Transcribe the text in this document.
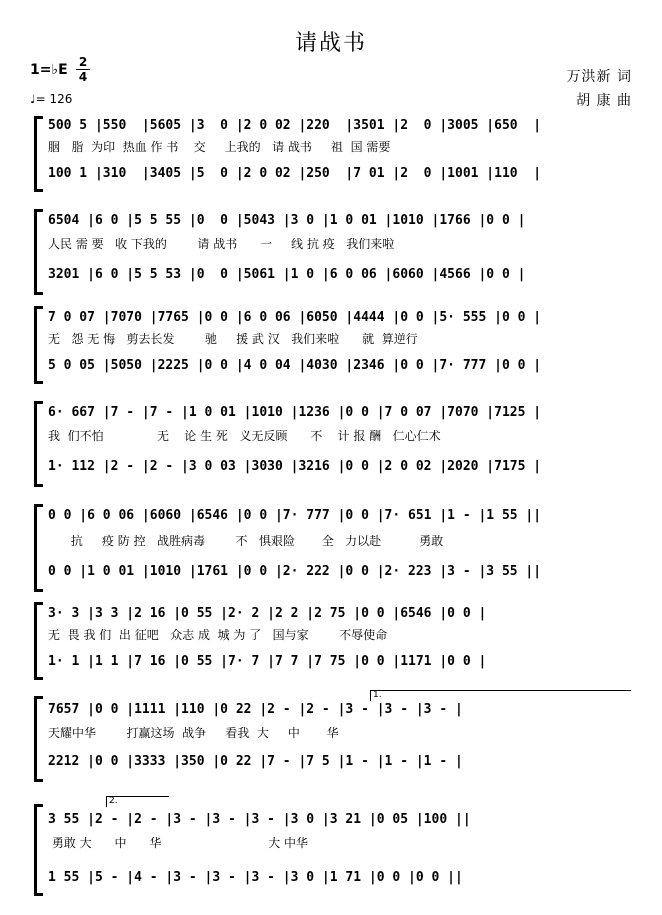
请战书
1=♭E 2
4
♩= 126
万洪新 词
胡 康 曲
500 5 |550  |5605 |3  0 |2 0 02 |220  |3501 |2  0 |3005 |650  |
胭   脂  为印  热血 作 书    交     上我的   请 战书     祖  国 需要
100 1 |310  |3405 |5  0 |2 0 02 |250  |7 01 |2  0 |1001 |110  |
6504 |6 0 |5 5 55 |0  0 |5043 |3 0 |1 0 01 |1010 |1766 |0 0 |
人民 需 要   收 下我的        请 战书      一     线 抗 疫   我们来啦
3201 |6 0 |5 5 53 |0  0 |5061 |1 0 |6 0 06 |6060 |4566 |0 0 |
7 0 07 |7070 |7765 |0 0 |6 0 06 |6050 |4444 |0 0 |5· 555 |0 0 |
无   怨 无 悔   剪去长发        驰     援 武 汉   我们来啦      就  算逆行
5 0 05 |5050 |2225 |0 0 |4 0 04 |4030 |2346 |0 0 |7· 777 |0 0 |
6· 667 |7 - |7 - |1 0 01 |1010 |1236 |0 0 |7 0 07 |7070 |7125 |
我  们不怕              无    论 生 死   义无反顾      不    计 报 酬   仁心仁术
1· 112 |2 - |2 - |3 0 03 |3030 |3216 |0 0 |2 0 02 |2020 |7175 |
0 0 |6 0 06 |6060 |6546 |0 0 |7· 777 |0 0 |7· 651 |1 - |1 55 ||
抗     疫 防 控   战胜病毒        不   惧艰险       全   力以赴          勇敢
0 0 |1 0 01 |1010 |1761 |0 0 |2· 222 |0 0 |2· 223 |3 - |3 55 ||
3· 3 |3 3 |2 16 |0 55 |2· 2 |2 2 |2 75 |0 0 |6546 |0 0 |
无  畏 我 们  出 征吧   众志 成  城 为 了   国与家        不辱使命
1· 1 |1 1 |7 16 |0 55 |7· 7 |7 7 |7 75 |0 0 |1171 |0 0 |
1.
7657 |0 0 |1111 |110 |0 22 |2 - |2 - |3 - |3 - |3 - |
天耀中华        打赢这场  战争     看我  大     中       华
2212 |0 0 |3333 |350 |0 22 |7 - |7 5 |1 - |1 - |1 - |
2.
3 55 |2 - |2 - |3 - |3 - |3 - |3 0 |3 21 |0 05 |100 ||
勇敢 大      中      华                            大 中华
1 55 |5 - |4 - |3 - |3 - |3 - |3 0 |1 71 |0 0 |0 0 ||
